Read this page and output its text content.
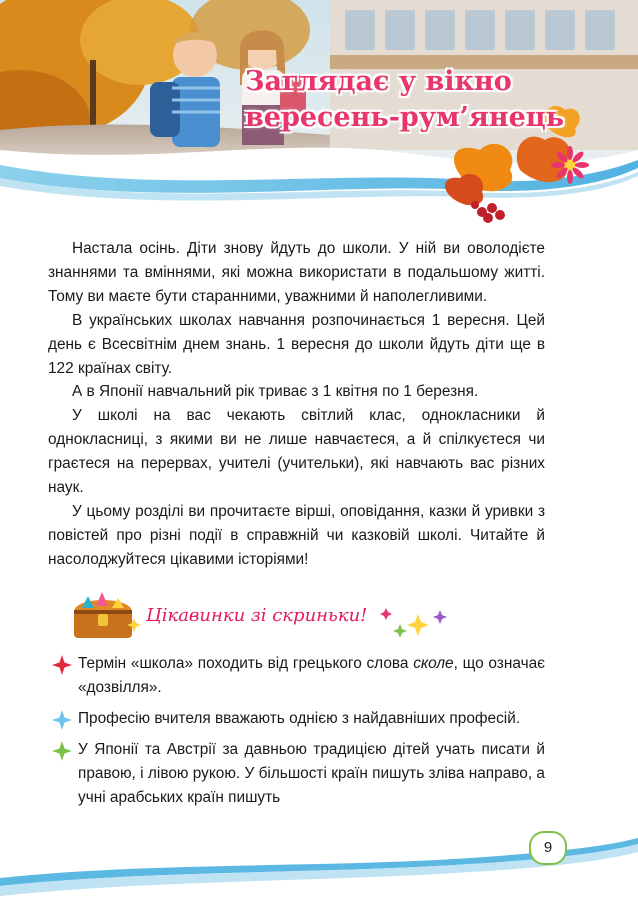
Заглядає у вікно
вересень-рум’янець

Настала осінь. Діти знову йдуть до школи. У ній ви оволодієте знаннями та вміннями, які можна використати в подальшому житті. Тому ви маєте бути старанними, уважними й наполегливими.

В українських школах навчання розпочинається 1 вересня. Цей день є Всесвітнім днем знань. 1 вересня до школи йдуть діти ще в 122 країнах світу.

А в Японії навчальний рік триває з 1 квітня по 1 березня.

У школі на вас чекають світлий клас, однокласники й однокласниці, з якими ви не лише навчаєтеся, а й спілкуєтеся чи граєтеся на перервах, учителі (учительки), які навчають вас різних наук.

У цьому розділі ви прочитаєте вірші, оповідання, казки й уривки з повістей про різні події в справжній чи казковій школі. Читайте й насолоджуйтеся цікавими історіями!

Цікавинки зі скриньки!
Термін «школа» походить від грецького слова сколе, що означає «дозвілля».
Професію вчителя вважають однією з найдавніших професій.
У Японії та Австрії за давньою традицією дітей учать писати й правою, і лівою рукою. У більшості країн пишуть зліва направо, а учні арабських країн пишуть
9
